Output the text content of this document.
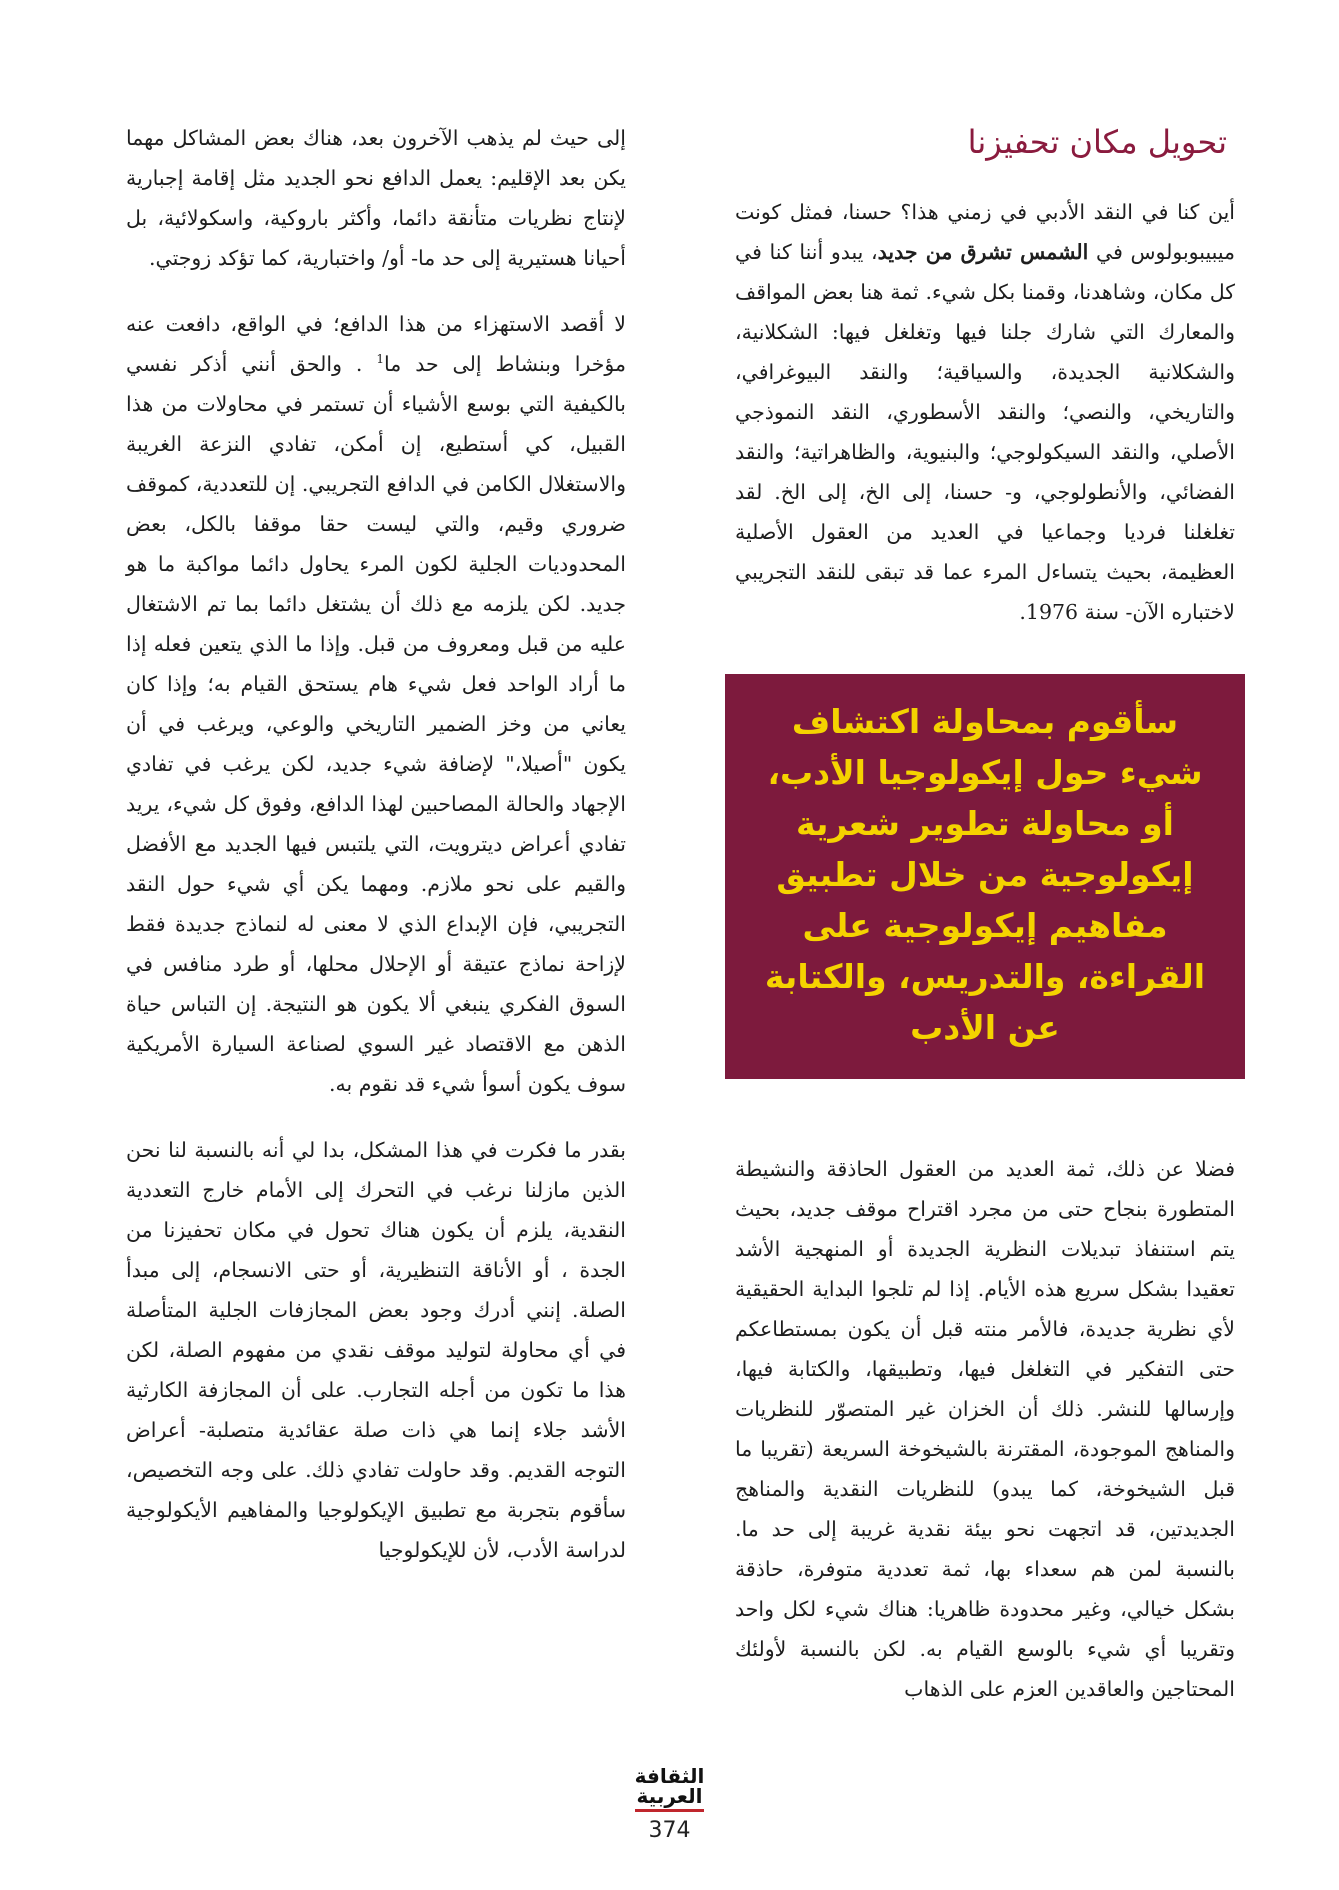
تحويل مكان تحفيزنا

أين كنا في النقد الأدبي في زمني هذا؟ حسنا، فمثل كونت ميبيبوبولوس في الشمس تشرق من جديد، يبدو أننا كنا في كل مكان، وشاهدنا، وقمنا بكل شيء. ثمة هنا بعض المواقف والمعارك التي شارك جلنا فيها وتغلغل فيها: الشكلانية، والشكلانية الجديدة، والسياقية؛ والنقد البيوغرافي، والتاريخي، والنصي؛ والنقد الأسطوري، النقد النموذجي الأصلي، والنقد السيكولوجي؛ والبنيوية، والظاهراتية؛ والنقد الفضائي، والأنطولوجي، و- حسنا، إلى الخ، إلى الخ. لقد تغلغلنا فرديا وجماعيا في العديد من العقول الأصلية العظيمة، بحيث يتساءل المرء عما قد تبقى للنقد التجريبي لاختباره الآن- سنة 1976.

سأقوم بمحاولة اكتشاف
شيء حول إيكولوجيا الأدب،
أو محاولة تطوير شعرية
إيكولوجية من خلال تطبيق
مفاهيم إيكولوجية على
القراءة، والتدريس، والكتابة
عن الأدب

فضلا عن ذلك، ثمة العديد من العقول الحاذقة والنشيطة المتطورة بنجاح حتى من مجرد اقتراح موقف جديد، بحيث يتم استنفاذ تبديلات النظرية الجديدة أو المنهجية الأشد تعقيدا بشكل سريع هذه الأيام. إذا لم تلجوا البداية الحقيقية لأي نظرية جديدة، فالأمر منته قبل أن يكون بمستطاعكم حتى التفكير في التغلغل فيها، وتطبيقها، والكتابة فيها، وإرسالها للنشر. ذلك أن الخزان غير المتصوّر للنظريات والمناهج الموجودة، المقترنة بالشيخوخة السريعة (تقريبا ما قبل الشيخوخة، كما يبدو) للنظريات النقدية والمناهج الجديدتين، قد اتجهت نحو بيئة نقدية غريبة إلى حد ما. بالنسبة لمن هم سعداء بها، ثمة تعددية متوفرة، حاذقة بشكل خيالي، وغير محدودة ظاهريا: هناك شيء لكل واحد وتقريبا أي شيء بالوسع القيام به. لكن بالنسبة لأولئك المحتاجين والعاقدين العزم على الذهاب

إلى حيث لم يذهب الآخرون بعد، هناك بعض المشاكل مهما يكن بعد الإقليم: يعمل الدافع نحو الجديد مثل إقامة إجبارية لإنتاج نظريات متأنقة دائما، وأكثر باروكية، واسكولائية، بل أحيانا هستيرية إلى حد ما- أو/ واختبارية، كما تؤكد زوجتي.

لا أقصد الاستهزاء من هذا الدافع؛ في الواقع، دافعت عنه مؤخرا وبنشاط إلى حد ما$^1$ . والحق أنني أذكر نفسي بالكيفية التي بوسع الأشياء أن تستمر في محاولات من هذا القبيل، كي أستطيع، إن أمكن، تفادي النزعة الغريبة والاستغلال الكامن في الدافع التجريبي. إن للتعددية، كموقف ضروري وقيم، والتي ليست حقا موقفا بالكل، بعض المحدوديات الجلية لكون المرء يحاول دائما مواكبة ما هو جديد. لكن يلزمه مع ذلك أن يشتغل دائما بما تم الاشتغال عليه من قبل ومعروف من قبل. وإذا ما الذي يتعين فعله إذا ما أراد الواحد فعل شيء هام يستحق القيام به؛ وإذا كان يعاني من وخز الضمير التاريخي والوعي، ويرغب في أن يكون "أصيلا،" لإضافة شيء جديد، لكن يرغب في تفادي الإجهاد والحالة المصاحبين لهذا الدافع، وفوق كل شيء، يريد تفادي أعراض ديترويت، التي يلتبس فيها الجديد مع الأفضل والقيم على نحو ملازم. ومهما يكن أي شيء حول النقد التجريبي، فإن الإبداع الذي لا معنى له لنماذج جديدة فقط لإزاحة نماذج عتيقة أو الإحلال محلها، أو طرد منافس في السوق الفكري ينبغي ألا يكون هو النتيجة. إن التباس حياة الذهن مع الاقتصاد غير السوي لصناعة السيارة الأمريكية سوف يكون أسوأ شيء قد نقوم به.

بقدر ما فكرت في هذا المشكل، بدا لي أنه بالنسبة لنا نحن الذين مازلنا نرغب في التحرك إلى الأمام خارج التعددية النقدية، يلزم أن يكون هناك تحول في مكان تحفيزنا من الجدة ، أو الأناقة التنظيرية، أو حتى الانسجام، إلى مبدأ الصلة. إنني أدرك وجود بعض المجازفات الجلية المتأصلة في أي محاولة لتوليد موقف نقدي من مفهوم الصلة، لكن هذا ما تكون من أجله التجارب. على أن المجازفة الكارثية الأشد جلاء إنما هي ذات صلة عقائدية متصلبة- أعراض التوجه القديم. وقد حاولت تفادي ذلك. على وجه التخصيص، سأقوم بتجربة مع تطبيق الإيكولوجيا والمفاهيم الأيكولوجية لدراسة الأدب، لأن للإيكولوجيا

الثقافة
العربية
374
